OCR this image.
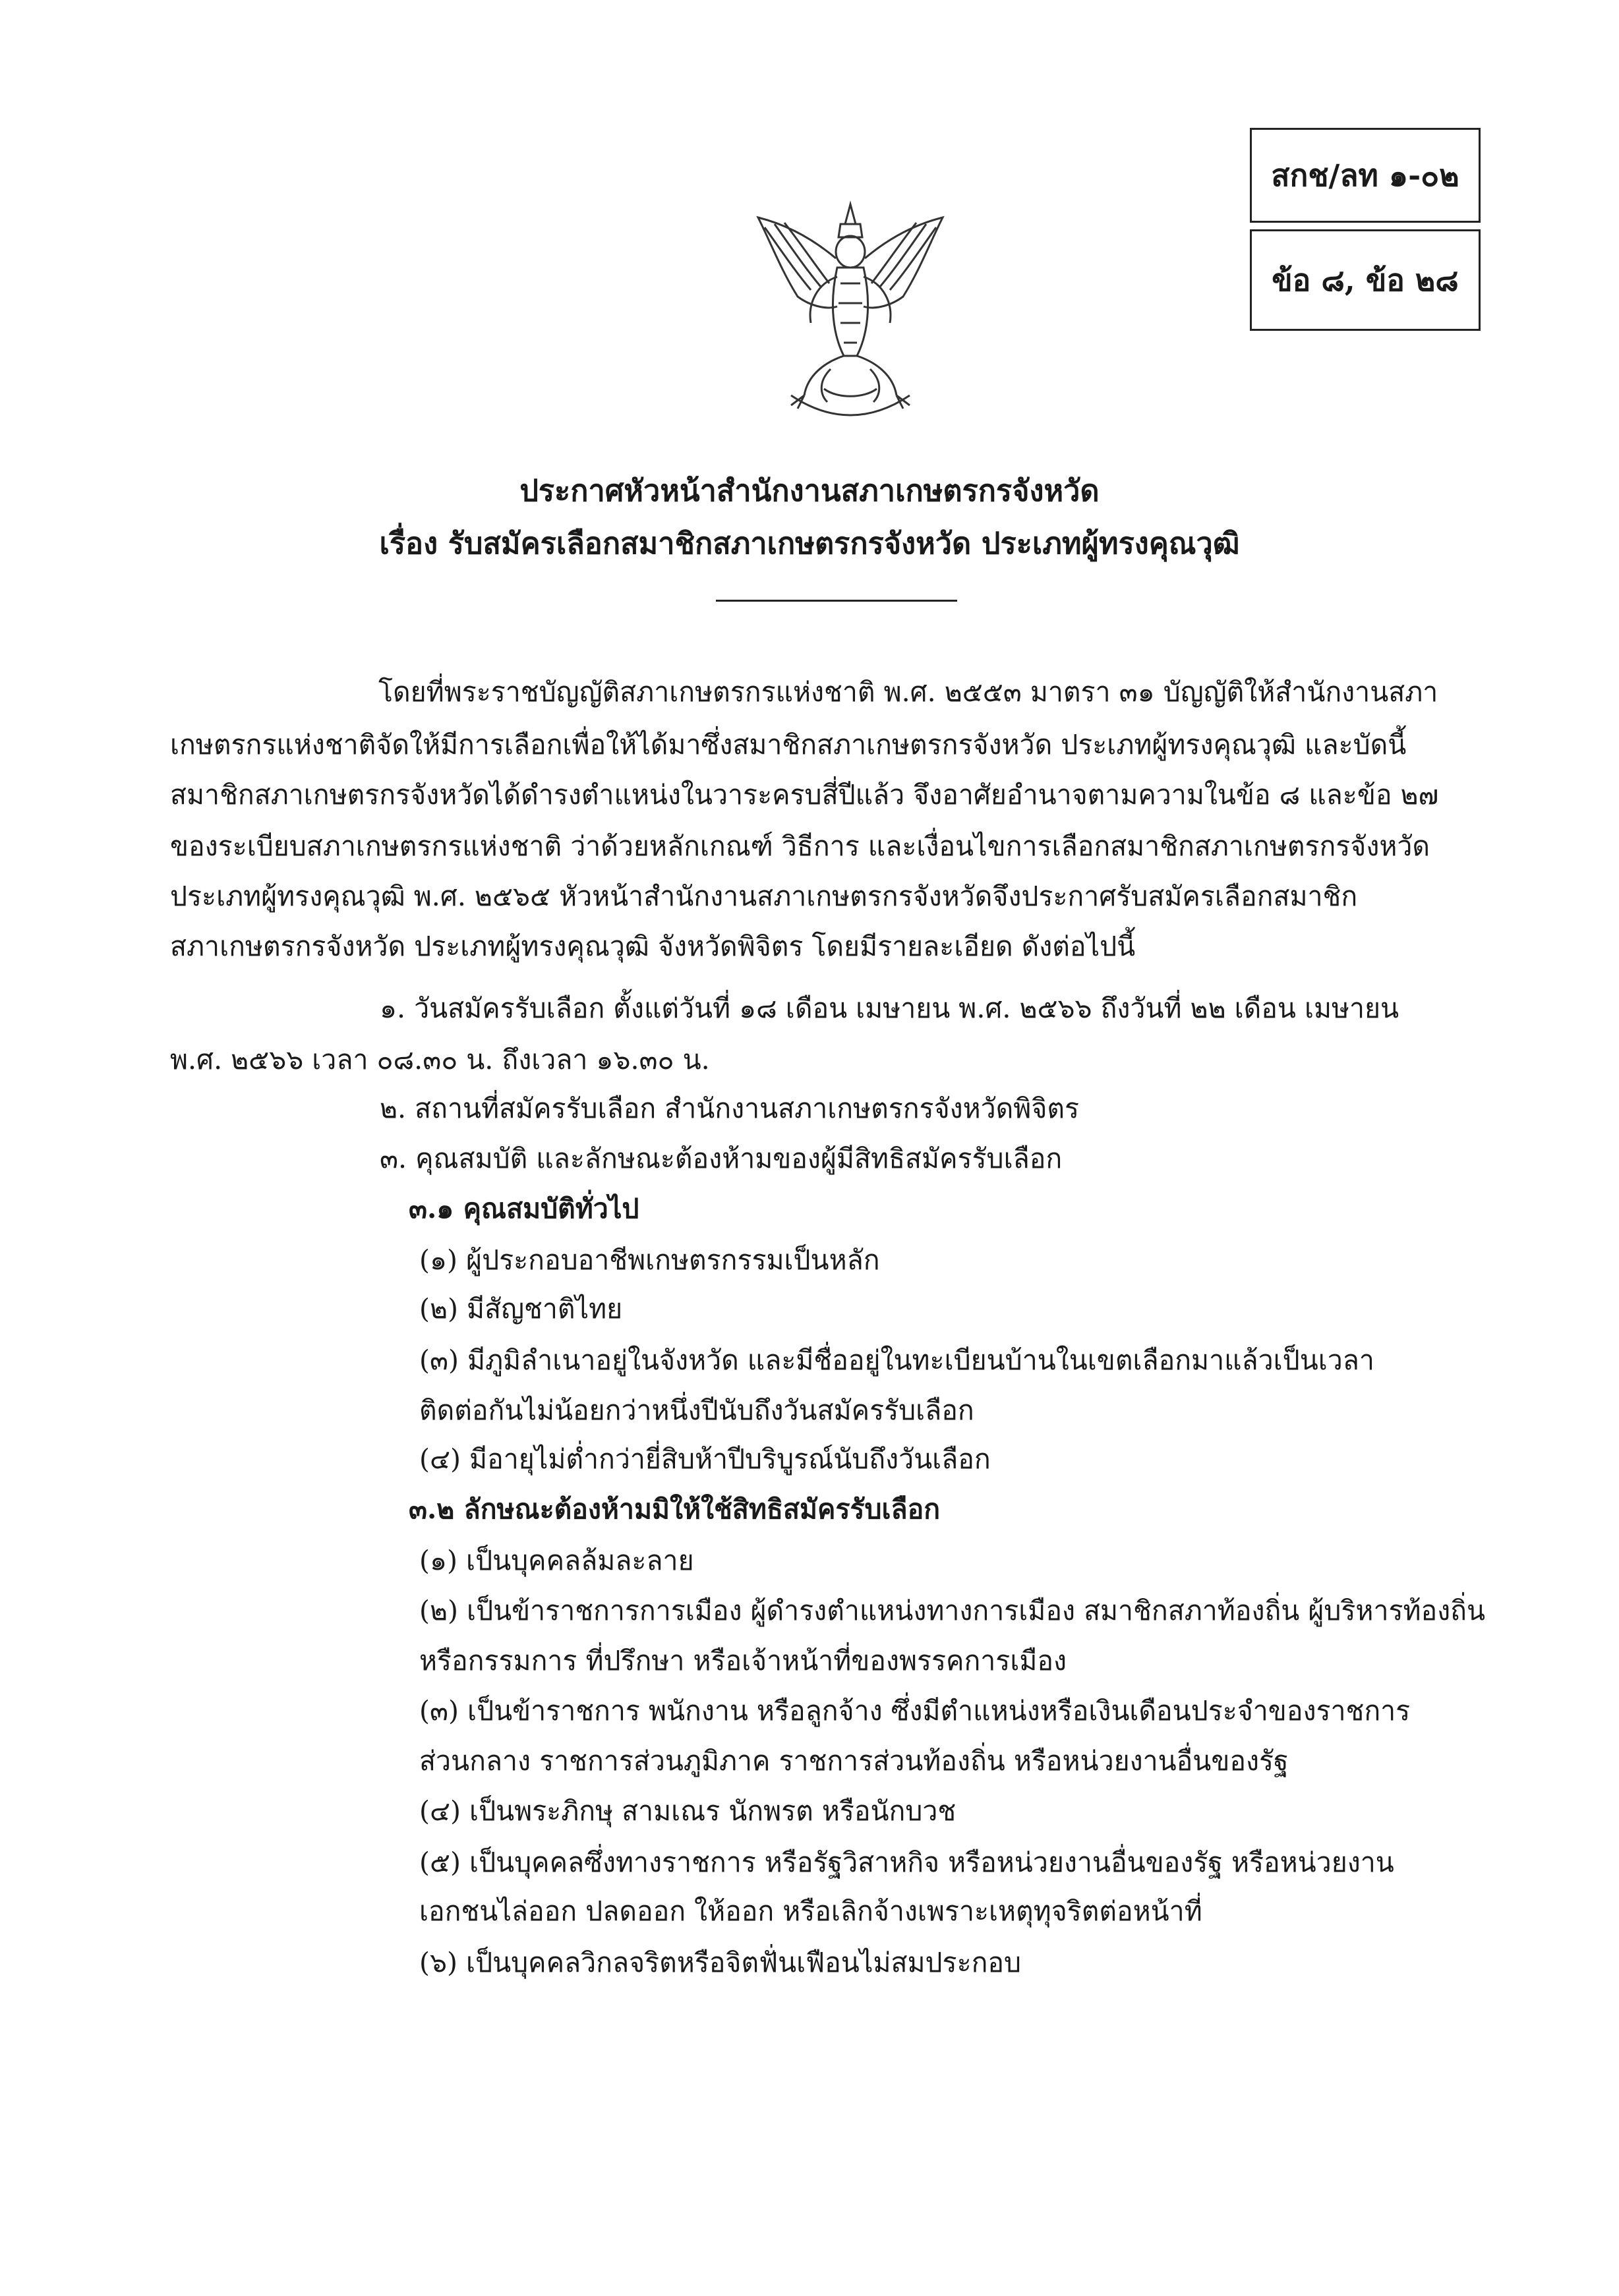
สกช/ลท ๑-๐๒
ข้อ ๘, ข้อ ๒๘
ประกาศหัวหน้าสำนักงานสภาเกษตรกรจังหวัด
เรื่อง รับสมัครเลือกสมาชิกสภาเกษตรกรจังหวัด ประเภทผู้ทรงคุณวุฒิ
โดยที่พระราชบัญญัติสภาเกษตรกรแห่งชาติ พ.ศ. ๒๕๕๓ มาตรา ๓๑ บัญญัติให้สำนักงานสภา
เกษตรกรแห่งชาติจัดให้มีการเลือกเพื่อให้ได้มาซึ่งสมาชิกสภาเกษตรกรจังหวัด ประเภทผู้ทรงคุณวุฒิ และบัดนี้
สมาชิกสภาเกษตรกรจังหวัดได้ดำรงตำแหน่งในวาระครบสี่ปีแล้ว จึงอาศัยอำนาจตามความในข้อ ๘ และข้อ ๒๗
ของระเบียบสภาเกษตรกรแห่งชาติ ว่าด้วยหลักเกณฑ์ วิธีการ และเงื่อนไขการเลือกสมาชิกสภาเกษตรกรจังหวัด
ประเภทผู้ทรงคุณวุฒิ พ.ศ. ๒๕๖๕ หัวหน้าสำนักงานสภาเกษตรกรจังหวัดจึงประกาศรับสมัครเลือกสมาชิก
สภาเกษตรกรจังหวัด ประเภทผู้ทรงคุณวุฒิ จังหวัดพิจิตร โดยมีรายละเอียด ดังต่อไปนี้
๑. วันสมัครรับเลือก ตั้งแต่วันที่ ๑๘ เดือน เมษายน พ.ศ. ๒๕๖๖ ถึงวันที่ ๒๒ เดือน เมษายน
พ.ศ. ๒๕๖๖ เวลา ๐๘.๓๐ น. ถึงเวลา ๑๖.๓๐ น.
๒. สถานที่สมัครรับเลือก สำนักงานสภาเกษตรกรจังหวัดพิจิตร
๓. คุณสมบัติ และลักษณะต้องห้ามของผู้มีสิทธิสมัครรับเลือก
๓.๑ คุณสมบัติทั่วไป
(๑) ผู้ประกอบอาชีพเกษตรกรรมเป็นหลัก
(๒) มีสัญชาติไทย
(๓) มีภูมิลำเนาอยู่ในจังหวัด และมีชื่ออยู่ในทะเบียนบ้านในเขตเลือกมาแล้วเป็นเวลา
ติดต่อกันไม่น้อยกว่าหนึ่งปีนับถึงวันสมัครรับเลือก
(๔) มีอายุไม่ต่ำกว่ายี่สิบห้าปีบริบูรณ์นับถึงวันเลือก
๓.๒ ลักษณะต้องห้ามมิให้ใช้สิทธิสมัครรับเลือก
(๑) เป็นบุคคลล้มละลาย
(๒) เป็นข้าราชการการเมือง ผู้ดำรงตำแหน่งทางการเมือง สมาชิกสภาท้องถิ่น ผู้บริหารท้องถิ่น
หรือกรรมการ ที่ปรึกษา หรือเจ้าหน้าที่ของพรรคการเมือง
(๓) เป็นข้าราชการ พนักงาน หรือลูกจ้าง ซึ่งมีตำแหน่งหรือเงินเดือนประจำของราชการ
ส่วนกลาง ราชการส่วนภูมิภาค ราชการส่วนท้องถิ่น หรือหน่วยงานอื่นของรัฐ
(๔) เป็นพระภิกษุ สามเณร นักพรต หรือนักบวช
(๕) เป็นบุคคลซึ่งทางราชการ หรือรัฐวิสาหกิจ หรือหน่วยงานอื่นของรัฐ หรือหน่วยงาน
เอกชนไล่ออก ปลดออก ให้ออก หรือเลิกจ้างเพราะเหตุทุจริตต่อหน้าที่
(๖) เป็นบุคคลวิกลจริตหรือจิตฟั่นเฟือนไม่สมประกอบ
